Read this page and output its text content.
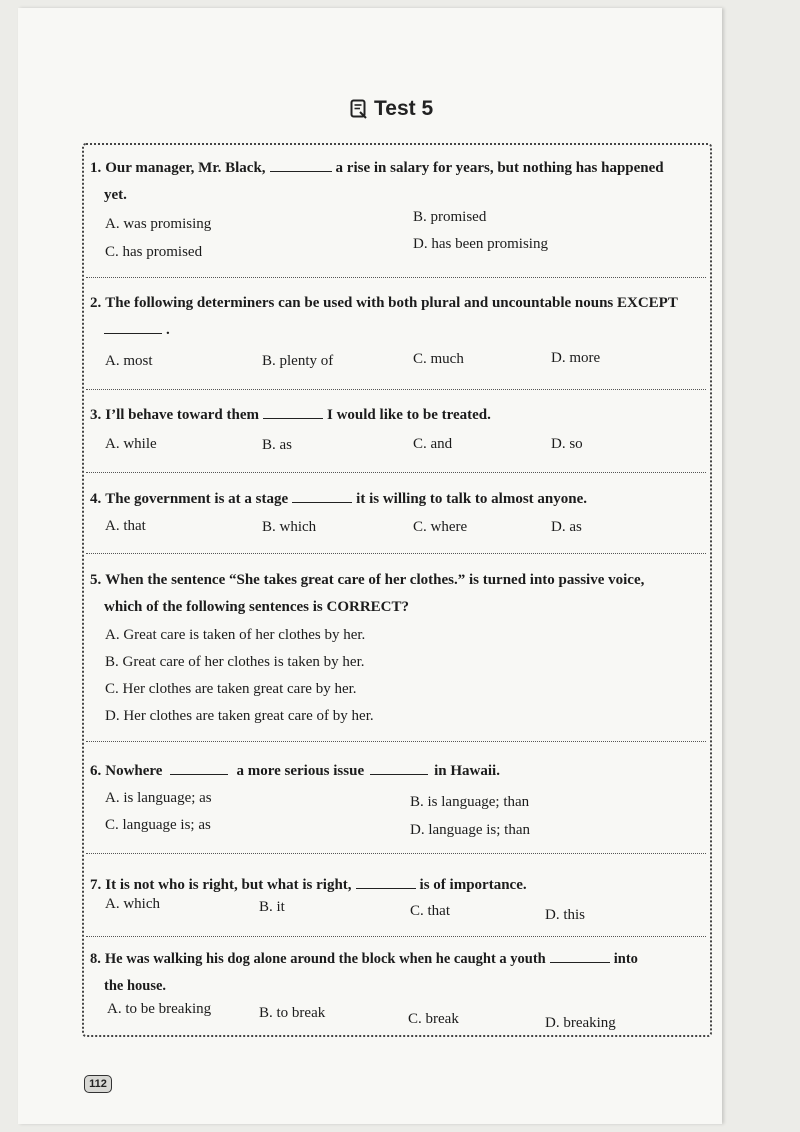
Test 5
1. Our manager, Mr. Black,	a rise in salary for years, but nothing has happened
yet.
A. was promising	B. promised
C. has promised	D. has been promising
2. The following determiners can be used with both plural and uncountable nouns EXCEPT
.
A. most	B. plenty of	C. much	D. more
3. I’ll behave toward them	I would like to be treated.
A. while	B. as	C. and	D. so
4. The government is at a stage	it is willing to talk to almost anyone.
A. that	B. which	C. where	D. as
5. When the sentence “She takes great care of her clothes.” is turned into passive voice,
which of the following sentences is CORRECT?
A. Great care is taken of her clothes by her.
B. Great care of her clothes is taken by her.
C. Her clothes are taken great care by her.
D. Her clothes are taken great care of by her.
6. Nowhere	a more serious issue	in Hawaii.
A. is language; as	B. is language; than
C. language is; as	D. language is; than
7. It is not who is right, but what is right,	is of importance.
A. which	B. it	C. that	D. this
8. He was walking his dog alone around the block when he caught a youth	into
the house.
A. to be breaking	B. to break	C. break	D. breaking
112
